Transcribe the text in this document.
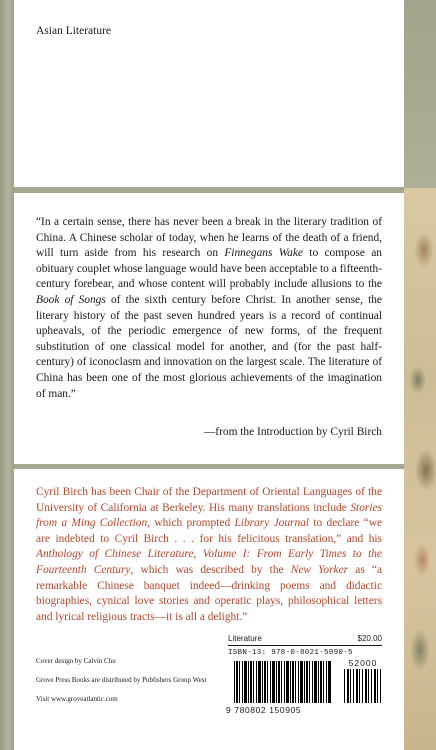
Asian Literature

“In a certain sense, there has never been a break in the literary tradition of China. A Chinese scholar of today, when he learns of the death of a friend, will turn aside from his research on Finnegans Wake to compose an obituary couplet whose language would have been acceptable to a fifteenth-century forebear, and whose content will probably include allusions to the Book of Songs of the sixth century before Christ. In another sense, the literary history of the past seven hundred years is a record of continual upheavals, of the periodic emergence of new forms, of the frequent substitution of one classical model for another, and (for the past half-century) of iconoclasm and innovation on the largest scale. The literature of China has been one of the most glorious achievements of the imagination of man.”

—from the Introduction by Cyril Birch

Cyril Birch has been Chair of the Department of Oriental Languages of the University of California at Berkeley. His many translations include Stories from a Ming Collection, which prompted Library Journal to declare “we are indebted to Cyril Birch . . . for his felicitous translation,” and his Anthology of Chinese Literature, Volume I: From Early Times to the Fourteenth Century, which was described by the New Yorker as “a remarkable Chinese banquet indeed—drinking poems and didactic biographies, cynical love stories and operatic plays, philosophical letters and lyrical religious tracts—it is all a delight.”

Cover design by Calvin Chu
Grove Press Books are distributed by Publishers Group West
Visit www.groveatlantic.com
Literature	$20.00
ISBN-13: 978-0-8021-5090-5
52000
9 780802 150905
